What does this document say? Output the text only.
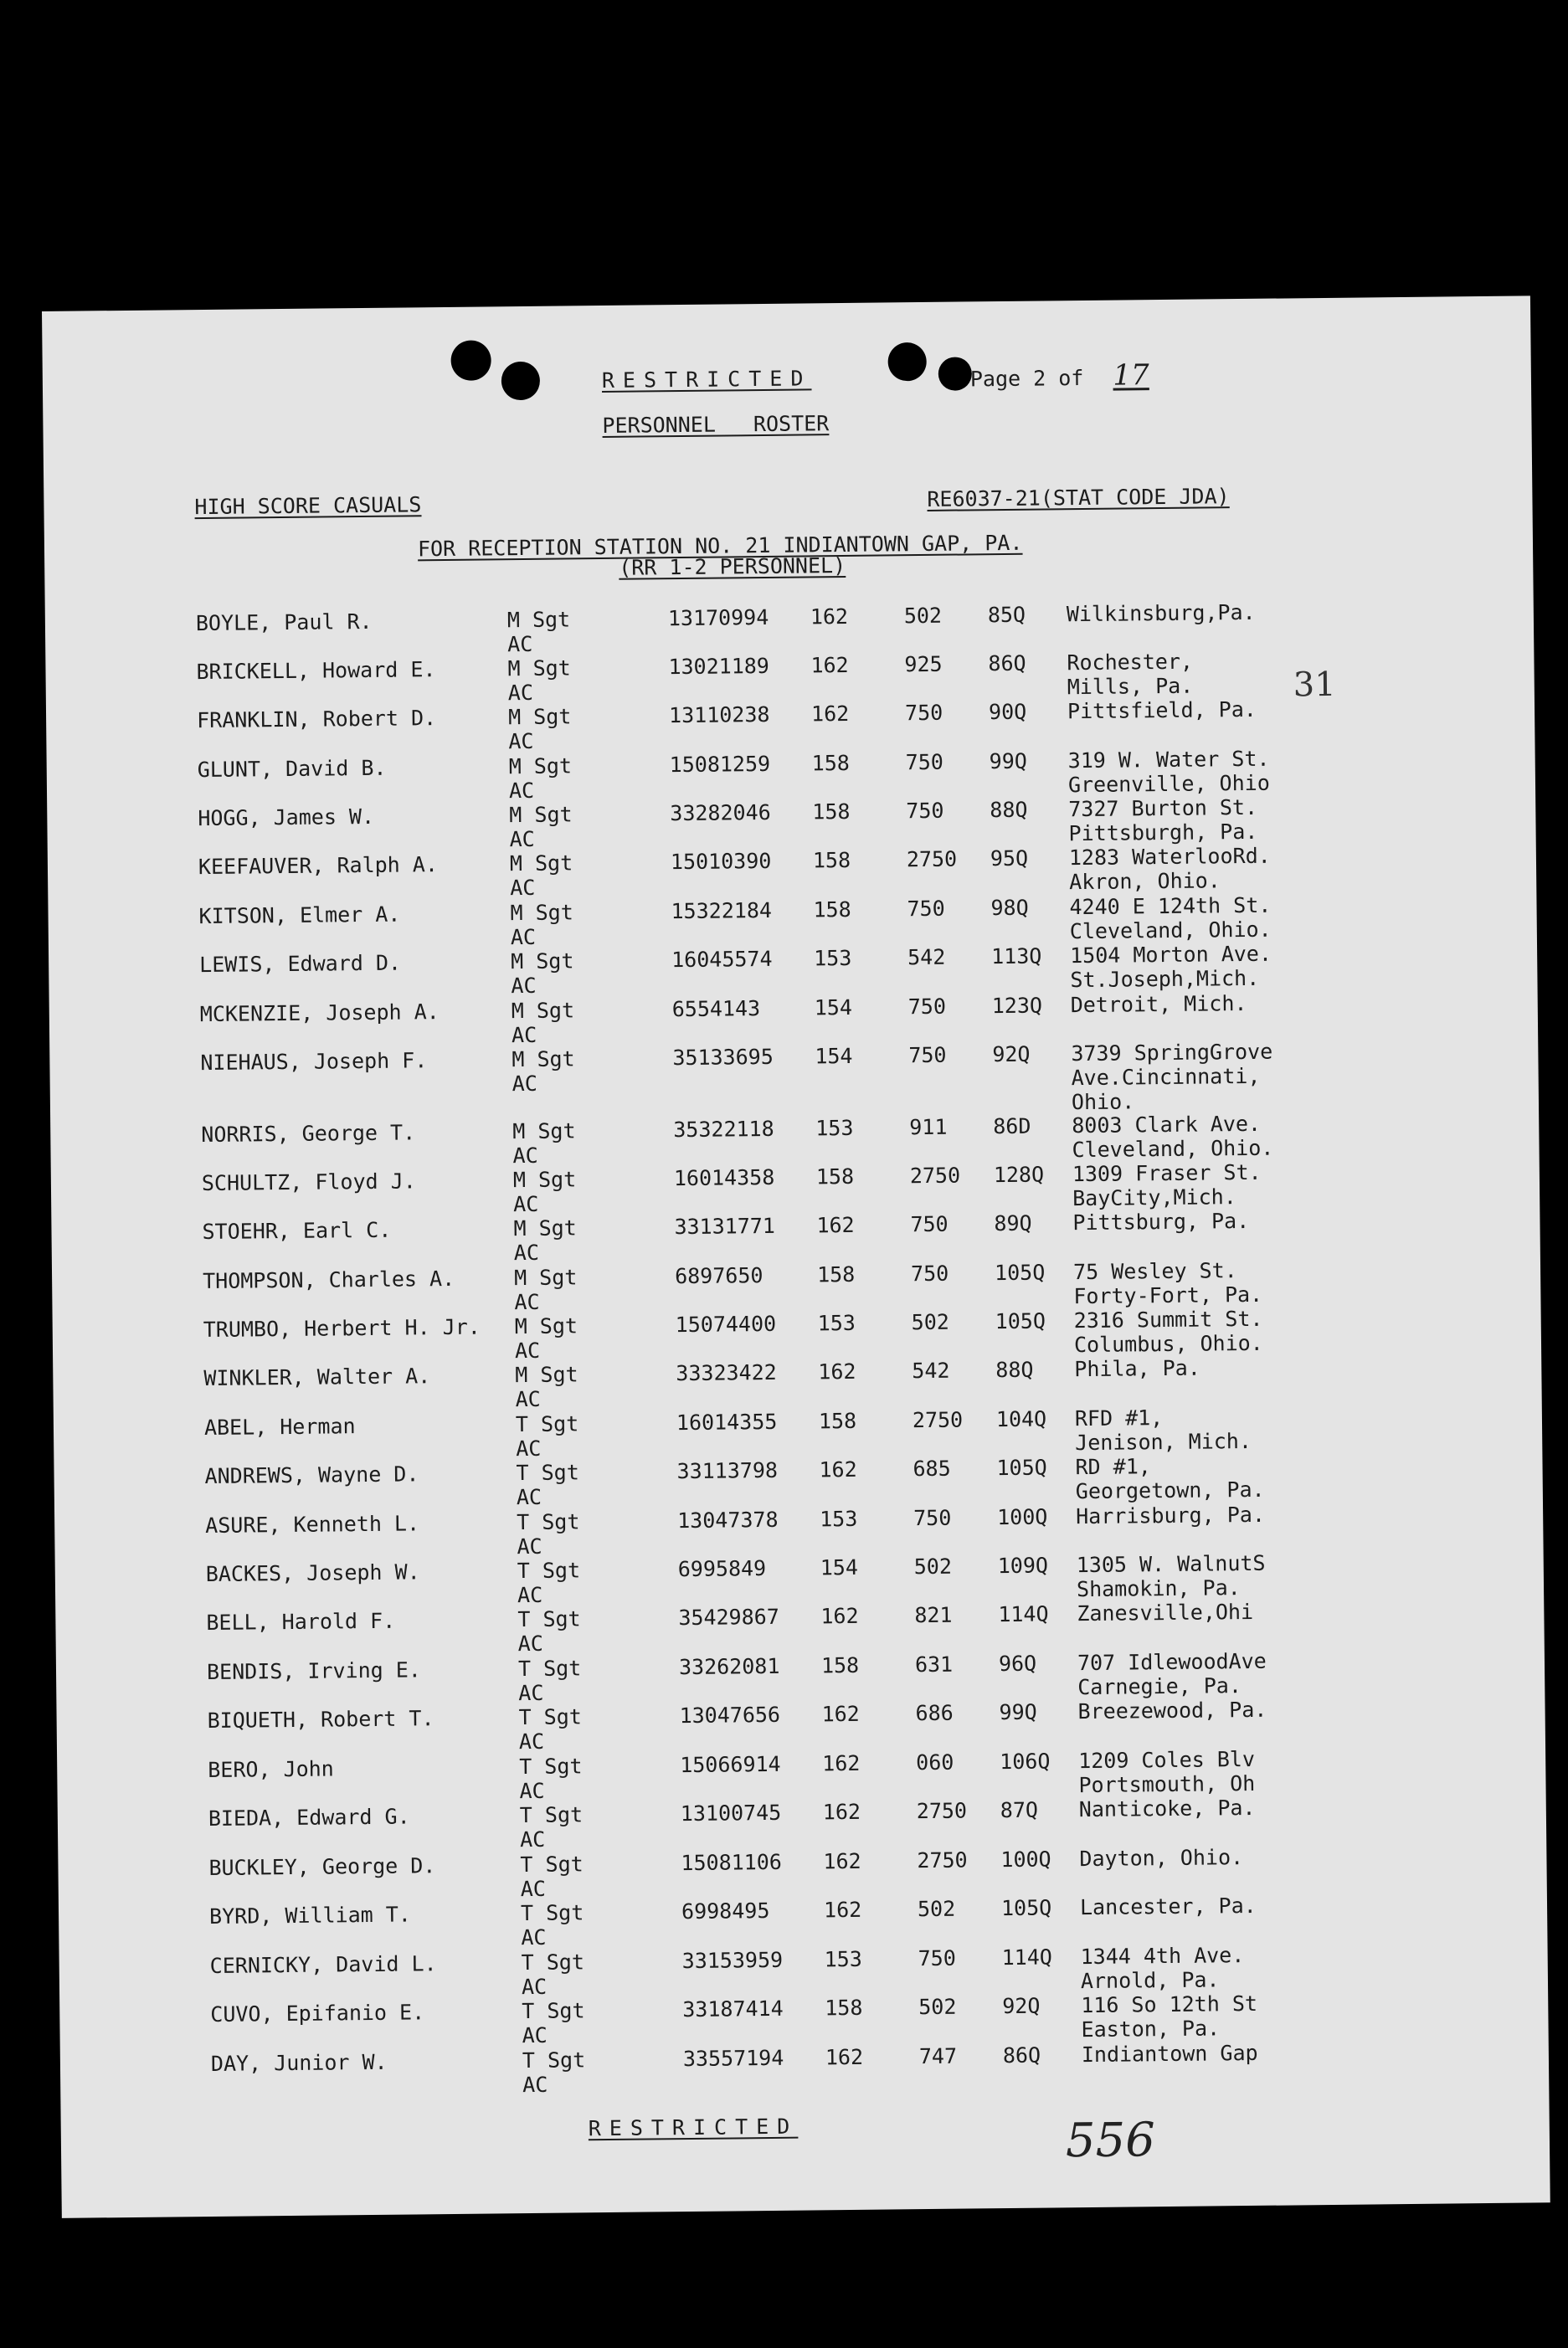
RESTRICTED	Page 2 of 17
PERSONNEL ROSTER
HIGH SCORE CASUALS	RE6037-21(STAT CODE JDA)
FOR RECEPTION STATION NO. 21 INDIANTOWN GAP, PA.
(RR 1-2 PERSONNEL)
31
BOYLE, Paul R.	M Sgt	13170994 162	502 85Q Wilkinsburg,Pa.
AC
BRICKELL, Howard E.	M Sgt	13021189 162	925 86Q Rochester,
AC	Mills, Pa.
FRANKLIN, Robert D.	M Sgt	13110238 162	750 90Q Pittsfield, Pa.
AC
GLUNT, David B.	M Sgt	15081259 158	750 99Q 319 W. Water St.
AC	Greenville, Ohio
HOGG, James W.	M Sgt	33282046 158	750 88Q 7327 Burton St.
AC	Pittsburgh, Pa.
KEEFAUVER, Ralph A.	M Sgt	15010390 158	2750 95Q 1283 WaterlooRd.
AC	Akron, Ohio.
KITSON, Elmer A.	M Sgt	15322184 158	750 98Q 4240 E 124th St.
AC	Cleveland, Ohio.
LEWIS, Edward D.	M Sgt	16045574 153	542 113Q 1504 Morton Ave.
AC	St.Joseph,Mich.
MCKENZIE, Joseph A.	M Sgt	6554143	154	750 123Q Detroit, Mich.
AC
NIEHAUS, Joseph F.	M Sgt	35133695 154	750 92Q 3739 SpringGrove
AC	Ave.Cincinnati,
Ohio.
NORRIS, George T.	M Sgt	35322118 153	911 86D 8003 Clark Ave.
AC	Cleveland, Ohio.
SCHULTZ, Floyd J.	M Sgt	16014358 158	2750 128Q 1309 Fraser St.
AC	BayCity,Mich.
STOEHR, Earl C.	M Sgt	33131771 162	750 89Q Pittsburg, Pa.
AC
THOMPSON, Charles A.	M Sgt	6897650	158	750 105Q 75 Wesley St.
AC	Forty-Fort, Pa.
TRUMBO, Herbert H. Jr. M Sgt	15074400 153	502 105Q 2316 Summit St.
AC	Columbus, Ohio.
WINKLER, Walter A.	M Sgt	33323422 162	542 88Q Phila, Pa.
AC
ABEL, Herman	T Sgt	16014355 158	2750 104Q RFD #1,
AC	Jenison, Mich.
ANDREWS, Wayne D.	T Sgt	33113798 162	685 105Q RD #1,
AC	Georgetown, Pa.
ASURE, Kenneth L.	T Sgt	13047378 153	750 100Q Harrisburg, Pa.
AC
BACKES, Joseph W.	T Sgt	6995849	154	502 109Q 1305 W. WalnutS
AC	Shamokin, Pa.
BELL, Harold F.	T Sgt	35429867 162	821 114Q Zanesville,Ohi
AC
BENDIS, Irving E.	T Sgt	33262081 158	631 96Q 707 IdlewoodAve
AC	Carnegie, Pa.
BIQUETH, Robert T.	T Sgt	13047656 162	686 99Q Breezewood, Pa.
AC
BERO, John	T Sgt	15066914 162	060 106Q 1209 Coles Blv
AC	Portsmouth, Oh
BIEDA, Edward G.	T Sgt	13100745 162	2750 87Q Nanticoke, Pa.
AC
BUCKLEY, George D.	T Sgt	15081106 162	2750 100Q Dayton, Ohio.
AC
BYRD, William T.	T Sgt	6998495	162	502 105Q Lancester, Pa.
AC
CERNICKY, David L.	T Sgt	33153959 153	750 114Q 1344 4th Ave.
AC	Arnold, Pa.
CUVO, Epifanio E.	T Sgt	33187414 158	502 92Q 116 So 12th St
AC	Easton, Pa.
DAY, Junior W.	T Sgt	33557194 162	747 86Q Indiantown Gap
AC
RESTRICTED	556
